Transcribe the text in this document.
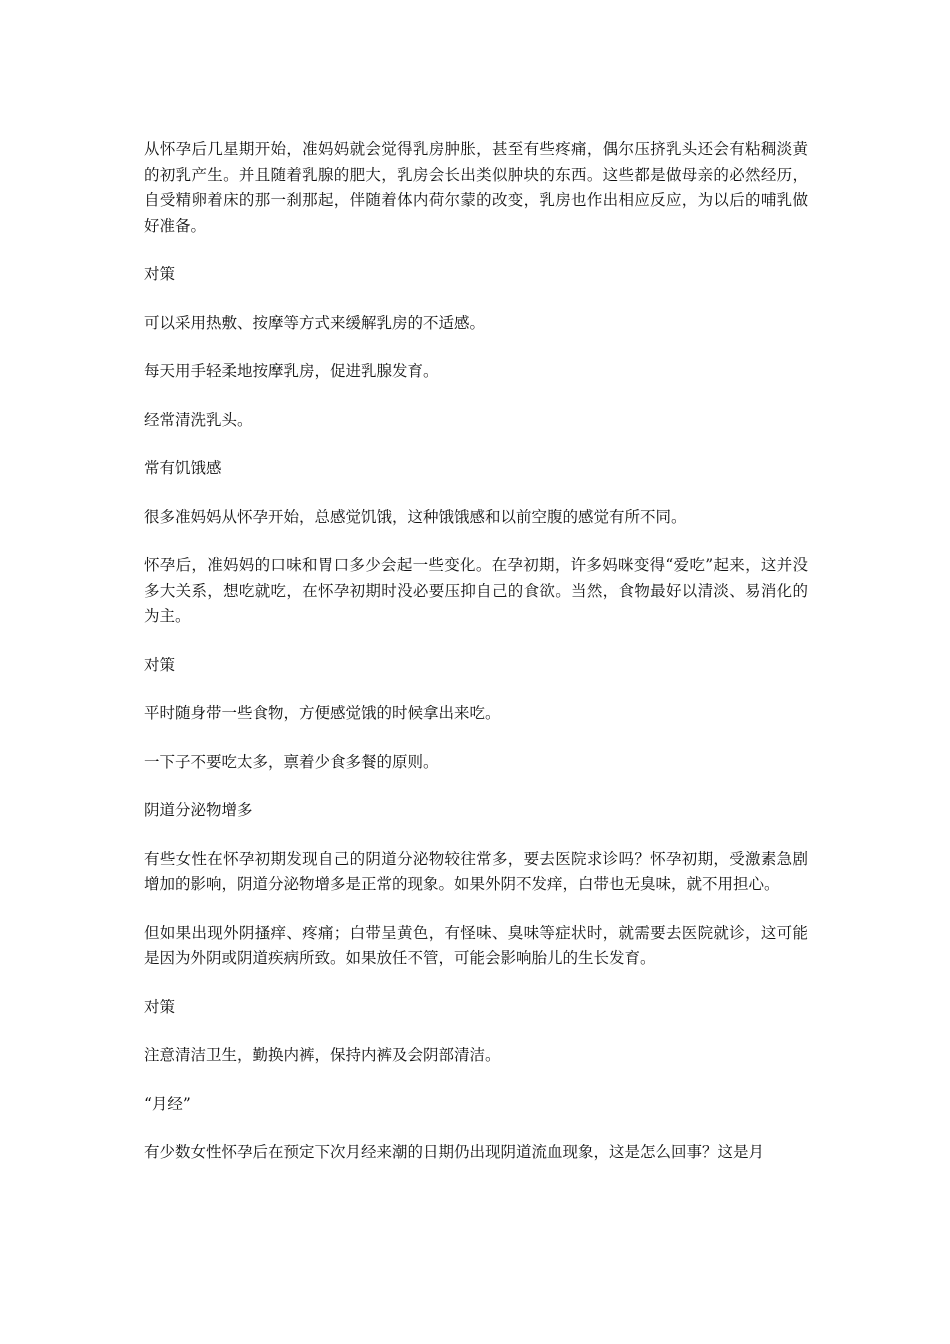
从怀孕后几星期开始，准妈妈就会觉得乳房肿胀，甚至有些疼痛，偶尔压挤乳头还会有粘稠淡黄的初乳产生。并且随着乳腺的肥大，乳房会长出类似肿块的东西。这些都是做母亲的必然经历，自受精卵着床的那一刹那起，伴随着体内荷尔蒙的改变，乳房也作出相应反应，为以后的哺乳做好准备。

对策

可以采用热敷、按摩等方式来缓解乳房的不适感。

每天用手轻柔地按摩乳房，促进乳腺发育。

经常清洗乳头。

常有饥饿感

很多准妈妈从怀孕开始，总感觉饥饿，这种饿饿感和以前空腹的感觉有所不同。

怀孕后，准妈妈的口味和胃口多少会起一些变化。在孕初期，许多妈咪变得“爱吃”起来，这并没多大关系，想吃就吃，在怀孕初期时没必要压抑自己的食欲。当然，食物最好以清淡、易消化的为主。

对策

平时随身带一些食物，方便感觉饿的时候拿出来吃。

一下子不要吃太多，禀着少食多餐的原则。

阴道分泌物增多

有些女性在怀孕初期发现自己的阴道分泌物较往常多，要去医院求诊吗？怀孕初期，受激素急剧增加的影响，阴道分泌物增多是正常的现象。如果外阴不发痒，白带也无臭味，就不用担心。

但如果出现外阴搔痒、疼痛；白带呈黄色，有怪味、臭味等症状时，就需要去医院就诊，这可能是因为外阴或阴道疾病所致。如果放任不管，可能会影响胎儿的生长发育。

对策

注意清洁卫生，勤换内裤，保持内裤及会阴部清洁。

“月经”

有少数女性怀孕后在预定下次月经来潮的日期仍出现阴道流血现象，这是怎么回事？这是月
